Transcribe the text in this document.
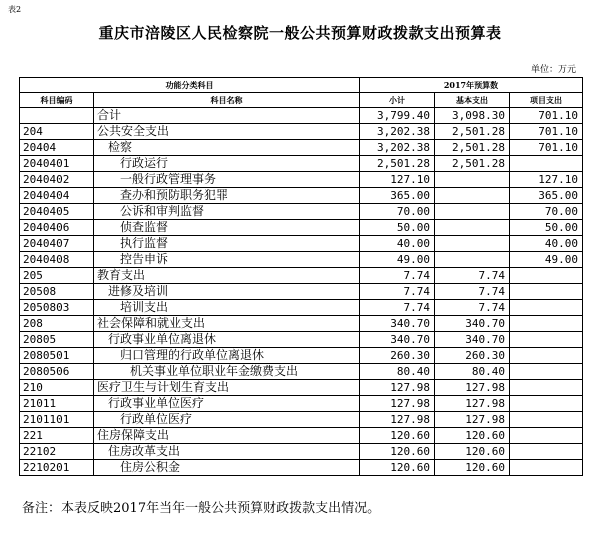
表2
重庆市涪陵区人民检察院一般公共预算财政拨款支出预算表
单位：万元
功能分类科目		2017年预算数		
科目编码	科目名称	小计	基本支出	项目支出
	合计	3,799.40	3,098.30	701.10
204	公共安全支出	3,202.38	2,501.28	701.10
20404	检察	3,202.38	2,501.28	701.10
2040401	行政运行	2,501.28	2,501.28	
2040402	一般行政管理事务	127.10		127.10
2040404	查办和预防职务犯罪	365.00		365.00
2040405	公诉和审判监督	70.00		70.00
2040406	侦查监督	50.00		50.00
2040407	执行监督	40.00		40.00
2040408	控告申诉	49.00		49.00
205	教育支出	7.74	7.74	
20508	进修及培训	7.74	7.74	
2050803	培训支出	7.74	7.74	
208	社会保障和就业支出	340.70	340.70	
20805	行政事业单位离退休	340.70	340.70	
2080501	归口管理的行政单位离退休	260.30	260.30	
2080506	机关事业单位职业年金缴费支出	80.40	80.40	
210	医疗卫生与计划生育支出	127.98	127.98	
21011	行政事业单位医疗	127.98	127.98	
2101101	行政单位医疗	127.98	127.98	
221	住房保障支出	120.60	120.60	
22102	住房改革支出	120.60	120.60	
2210201	住房公积金	120.60	120.60	
备注：本表反映2017年当年一般公共预算财政拨款支出情况。
